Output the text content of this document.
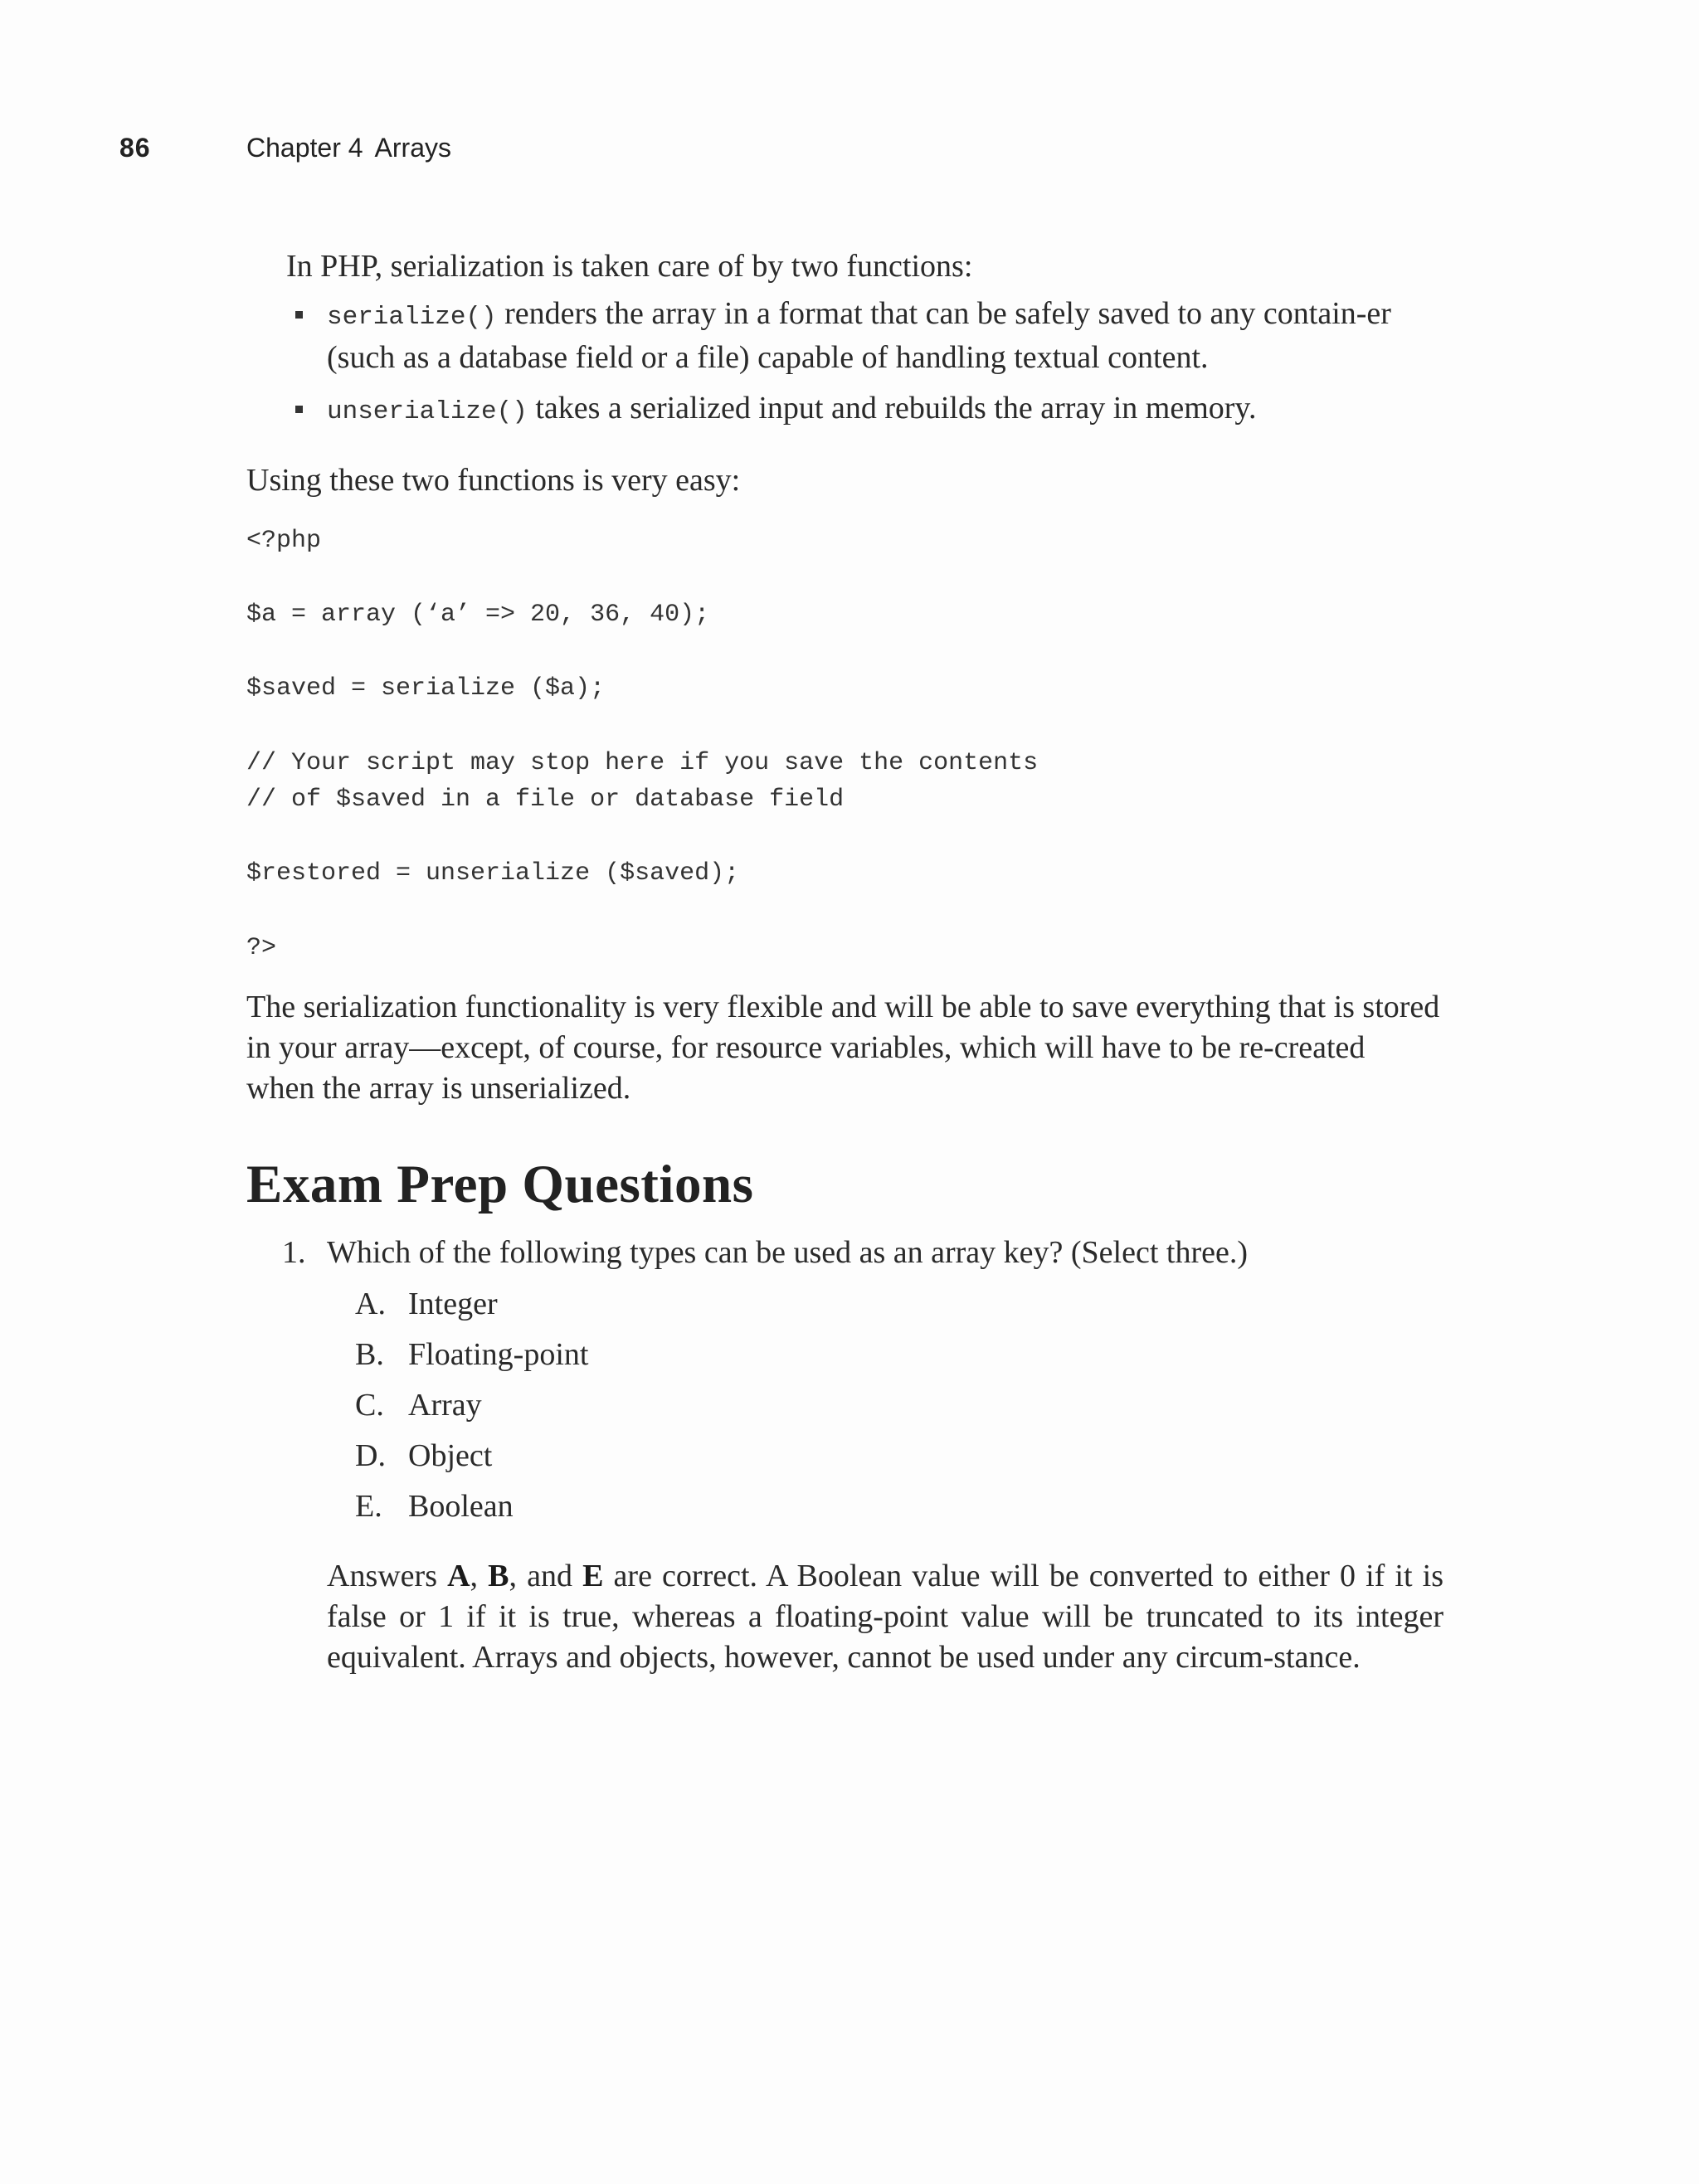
86	Chapter 4 Arrays
In PHP, serialization is taken care of by two functions:
serialize() renders the array in a format that can be safely saved to any contain-er (such as a database field or a file) capable of handling textual content.
unserialize() takes a serialized input and rebuilds the array in memory.
Using these two functions is very easy:
<?php

$a = array (‘a’ => 20, 36, 40);

$saved = serialize ($a);

// Your script may stop here if you save the contents
// of $saved in a file or database field

$restored = unserialize ($saved);

?>
The serialization functionality is very flexible and will be able to save everything that is stored in your array—except, of course, for resource variables, which will have to be re-created when the array is unserialized.
Exam Prep Questions
1. Which of the following types can be used as an array key? (Select three.)
A. Integer
B. Floating-point
C. Array
D. Object
E. Boolean
Answers A, B, and E are correct. A Boolean value will be converted to either 0 if it is false or 1 if it is true, whereas a floating-point value will be truncated to its integer equivalent. Arrays and objects, however, cannot be used under any circum-stance.
